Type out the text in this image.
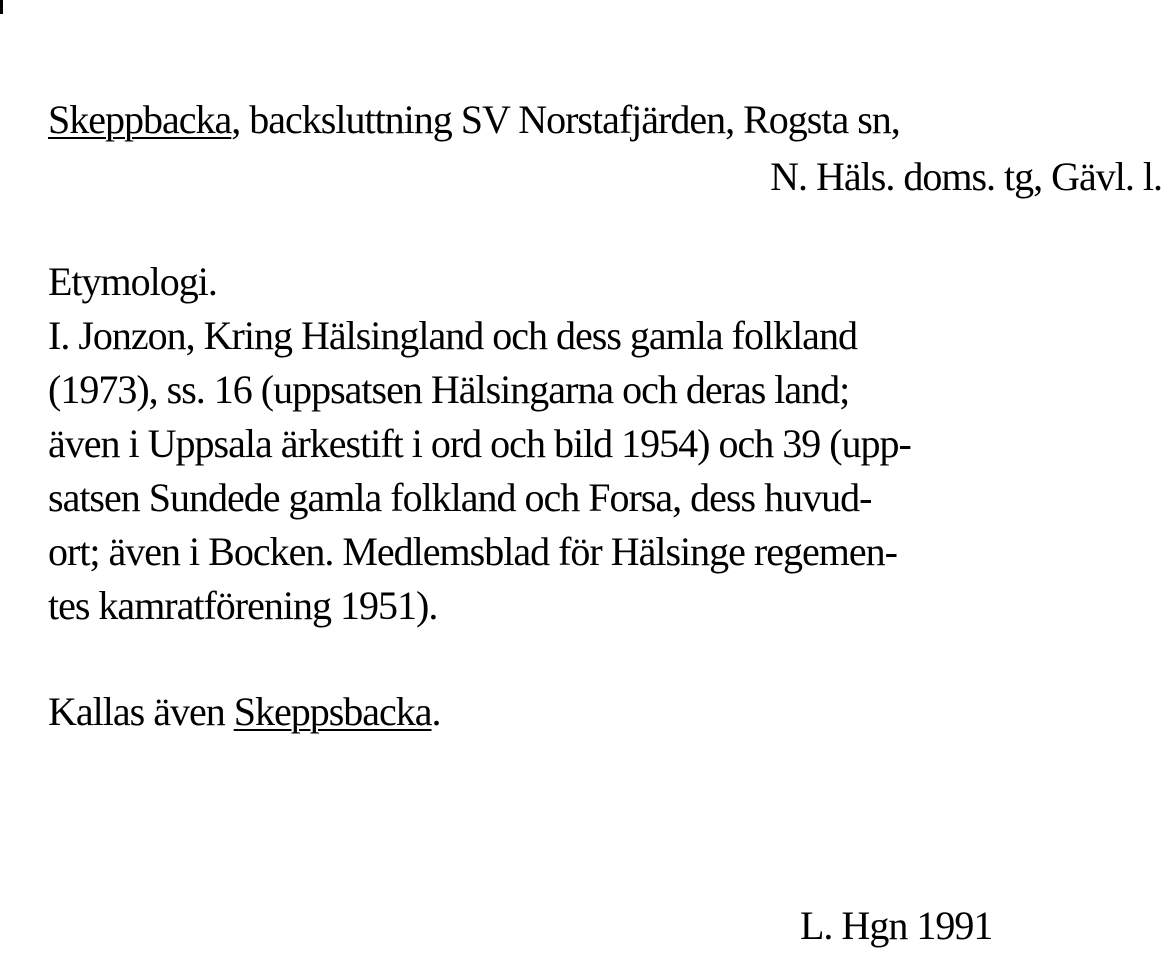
Skeppbacka, backsluttning SV Norstafjärden, Rogsta sn,
N. Häls. doms. tg, Gävl. l.
Etymologi.
I. Jonzon, Kring Hälsingland och dess gamla folkland
(1973), ss. 16 (uppsatsen Hälsingarna och deras land;
även i Uppsala ärkestift i ord och bild 1954) och 39 (upp-
satsen Sundede gamla folkland och Forsa, dess huvud-
ort; även i Bocken. Medlemsblad för Hälsinge regemen-
tes kamratförening 1951).
Kallas även Skeppsbacka.
L. Hgn 1991
